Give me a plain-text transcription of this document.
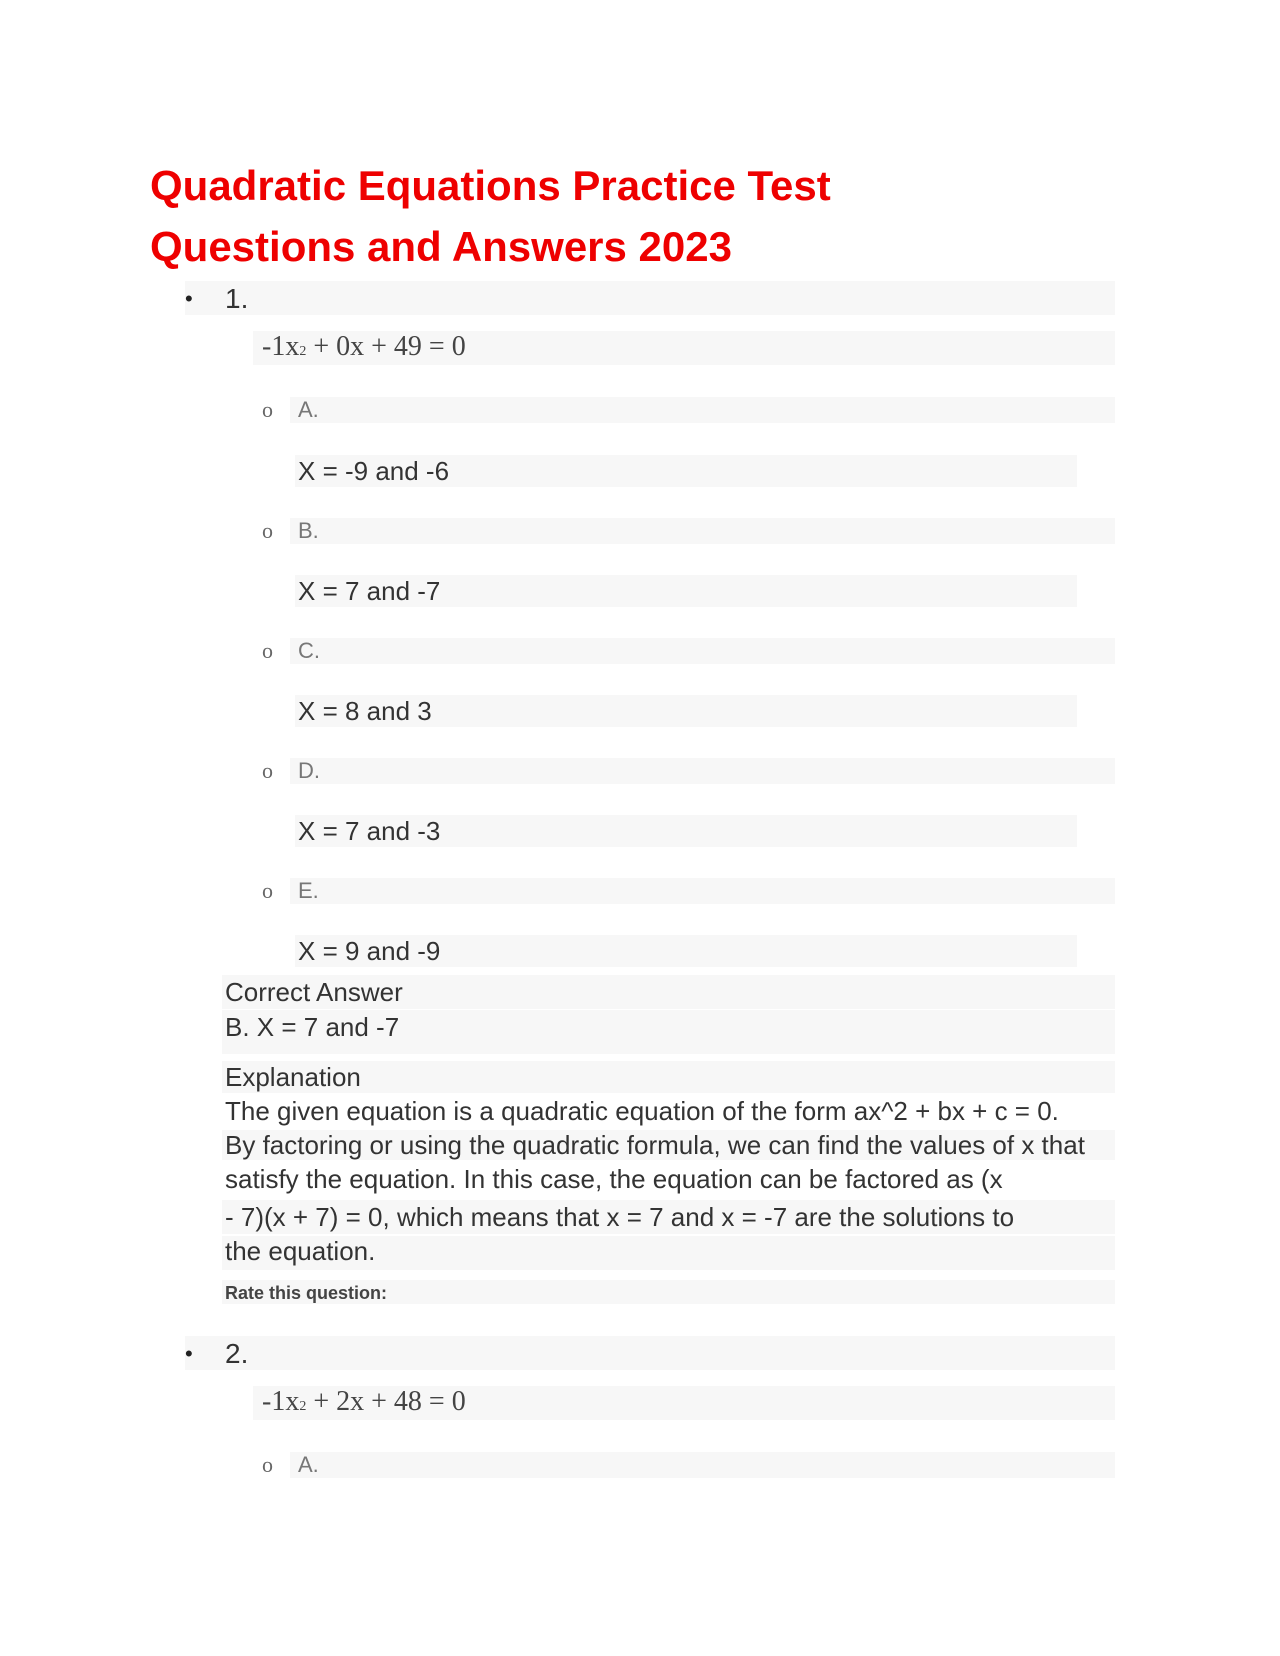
Quadratic Equations Practice Test
Questions and Answers 2023
• 1.
-1x2 + 0x + 49 = 0
o A.
X = -9 and -6
o B.
X = 7 and -7
o C.
X = 8 and 3
o D.
X = 7 and -3
o E.
X = 9 and -9
Correct Answer
B. X = 7 and -7
Explanation
The given equation is a quadratic equation of the form ax^2 + bx + c = 0.
By factoring or using the quadratic formula, we can find the values of x that
satisfy the equation. In this case, the equation can be factored as (x
- 7)(x + 7) = 0, which means that x = 7 and x = -7 are the solutions to
the equation.
Rate this question:
• 2.
-1x2 + 2x + 48 = 0
o A.
